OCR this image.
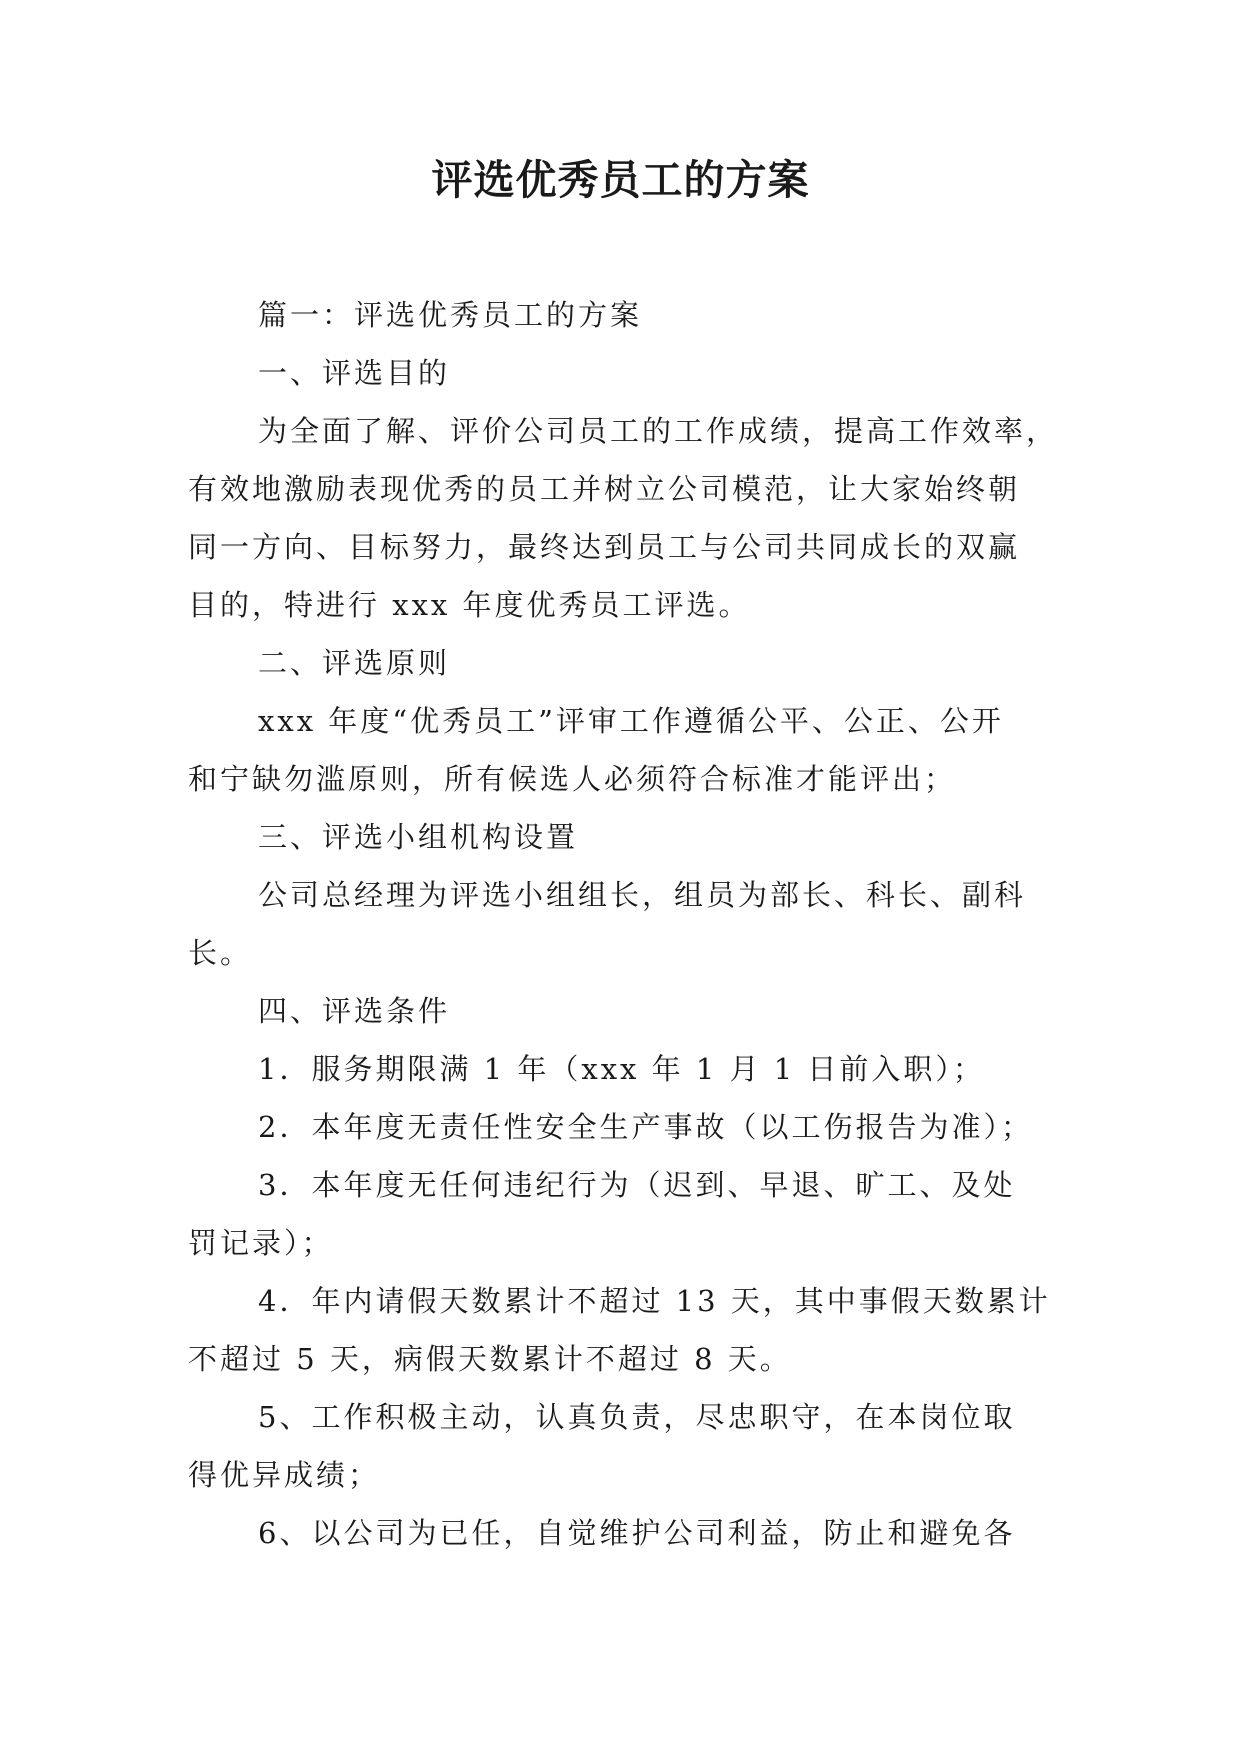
评选优秀员工的方案

篇一：评选优秀员工的方案

一、评选目的

为全面了解、评价公司员工的工作成绩，提高工作效率，
有效地激励表现优秀的员工并树立公司模范，让大家始终朝
同一方向、目标努力，最终达到员工与公司共同成长的双赢
目的，特进行 xxx 年度优秀员工评选。

二、评选原则

xxx 年度“优秀员工”评审工作遵循公平、公正、公开
和宁缺勿滥原则，所有候选人必须符合标准才能评出；

三、评选小组机构设置

公司总经理为评选小组组长，组员为部长、科长、副科
长。

四、评选条件

1．服务期限满 1 年（xxx 年 1 月 1 日前入职）；

2．本年度无责任性安全生产事故（以工伤报告为准）；

3．本年度无任何违纪行为（迟到、早退、旷工、及处
罚记录）；

4．年内请假天数累计不超过 13 天，其中事假天数累计
不超过 5 天，病假天数累计不超过 8 天。

5、工作积极主动，认真负责，尽忠职守，在本岗位取
得优异成绩；

6、以公司为已任，自觉维护公司利益，防止和避免各
